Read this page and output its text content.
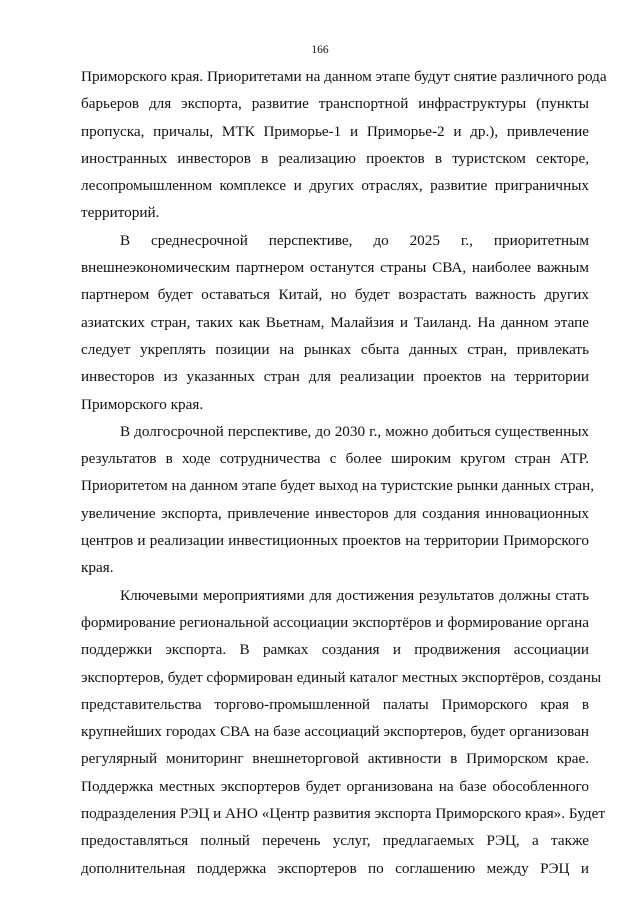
166
Приморского края. Приоритетами на данном этапе будут снятие различного рода
барьеров для экспорта, развитие транспортной инфраструктуры (пункты
пропуска, причалы, МТК Приморье-1 и Приморье-2 и др.), привлечение
иностранных инвесторов в реализацию проектов в туристском секторе,
лесопромышленном комплексе и других отраслях, развитие приграничных
территорий.
В среднесрочной перспективе, до 2025 г., приоритетным
внешнеэкономическим партнером останутся страны СВА, наиболее важным
партнером будет оставаться Китай, но будет возрастать важность других
азиатских стран, таких как Вьетнам, Малайзия и Таиланд. На данном этапе
следует укреплять позиции на рынках сбыта данных стран, привлекать
инвесторов из указанных стран для реализации проектов на территории
Приморского края.
В долгосрочной перспективе, до 2030 г., можно добиться существенных
результатов в ходе сотрудничества с более широким кругом стран АТР.
Приоритетом на данном этапе будет выход на туристские рынки данных стран,
увеличение экспорта, привлечение инвесторов для создания инновационных
центров и реализации инвестиционных проектов на территории Приморского
края.
Ключевыми мероприятиями для достижения результатов должны стать
формирование региональной ассоциации экспортёров и формирование органа
поддержки экспорта. В рамках создания и продвижения ассоциации
экспортеров, будет сформирован единый каталог местных экспортёров, созданы
представительства торгово-промышленной палаты Приморского края в
крупнейших городах СВА на базе ассоциаций экспортеров, будет организован
регулярный мониторинг внешнеторговой активности в Приморском крае.
Поддержка местных экспортеров будет организована на базе обособленного
подразделения РЭЦ и АНО «Центр развития экспорта Приморского края». Будет
предоставляться полный перечень услуг, предлагаемых РЭЦ, а также
дополнительная поддержка экспортеров по соглашению между РЭЦ и
